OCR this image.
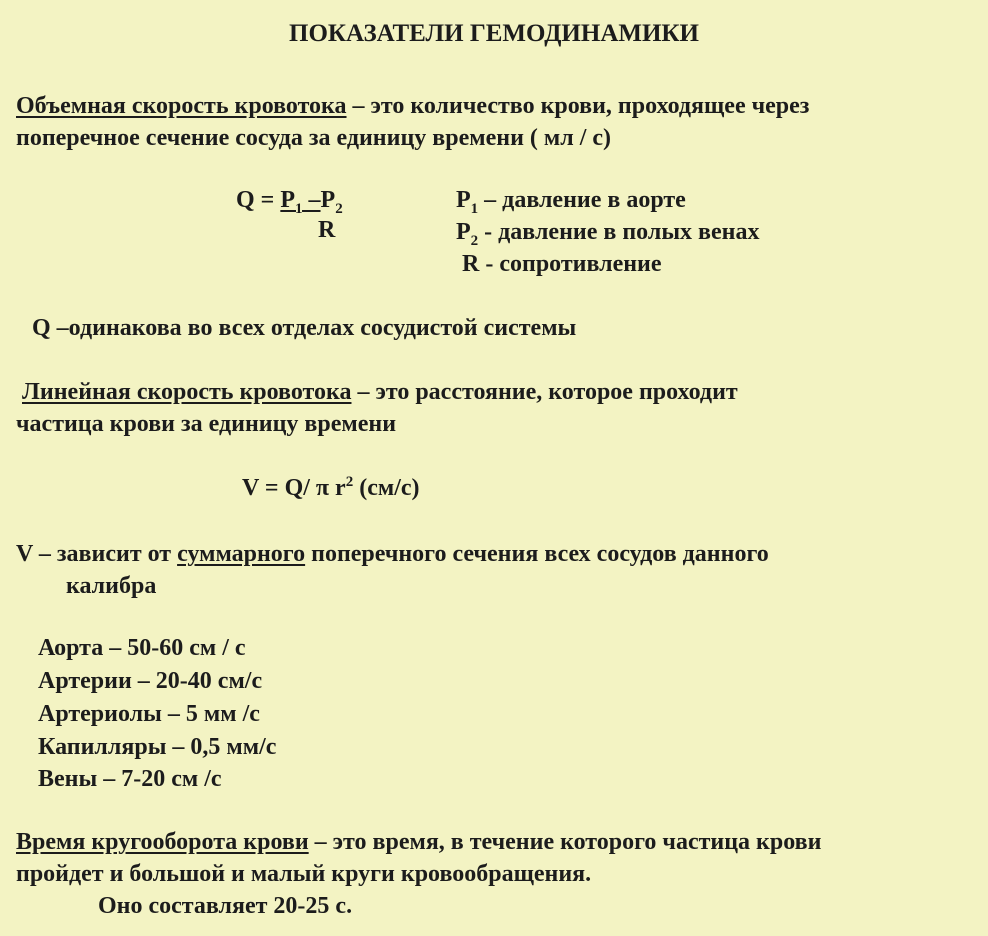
ПОКАЗАТЕЛИ ГЕМОДИНАМИКИ
Объемная скорость кровотока – это количество крови, проходящее через
поперечное сечение сосуда за единицу времени ( мл / с)
$Q = P_1$ $-P_2$
R
$P_1$ – давление в аорте
$P_2$ - давление в полых венах
R - сопротивление
Q –одинакова во всех отделах сосудистой системы
Линейная скорость кровотока – это расстояние, которое проходит
частица крови за единицу времени
V = Q/ π $r^2$ (см/с)
V – зависит от суммарного поперечного сечения всех сосудов данного
калибра
Аорта – 50-60 см / с
Артерии – 20-40 см/с
Артериолы – 5 мм /с
Капилляры – 0,5 мм/с
Вены – 7-20 см /с
Время кругооборота крови – это время, в течение которого частица крови
пройдет и большой и малый круги кровообращения.
Оно составляет 20-25 с.
